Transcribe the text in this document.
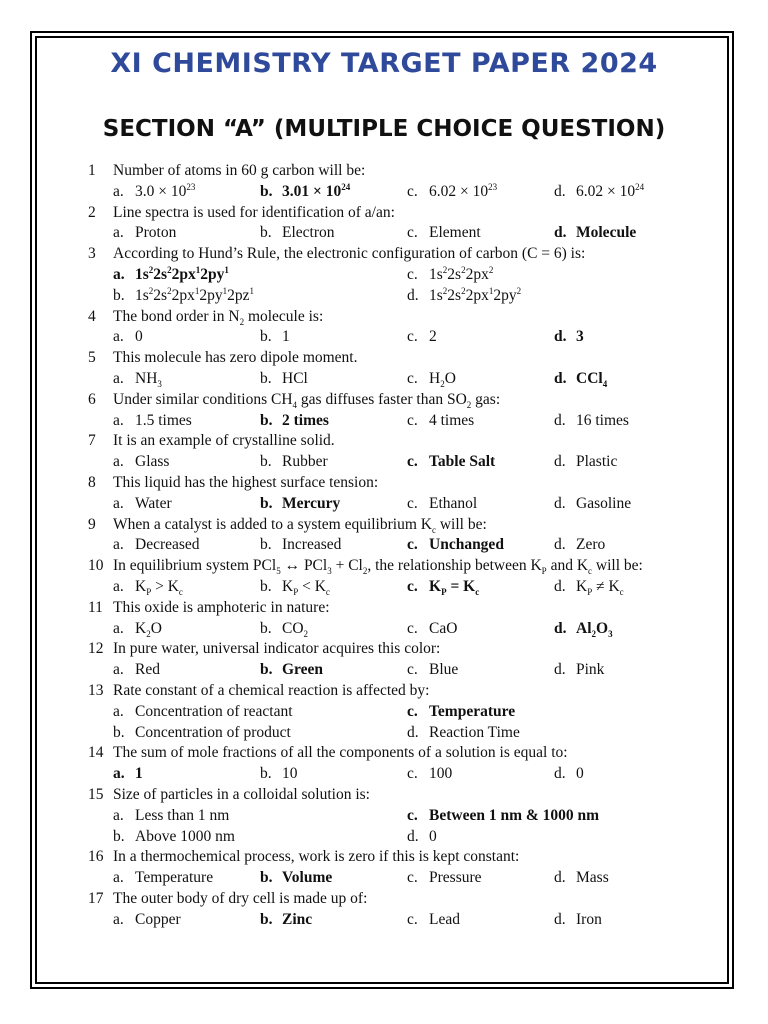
XI CHEMISTRY TARGET PAPER 2024
SECTION “A” (MULTIPLE CHOICE QUESTION)
1 Number of atoms in 60 g carbon will be:
a. $3.0 \times 10^{23}$	b. $3.01 \times 10^{24}$	c. $6.02 \times 10^{23}$	d. $6.02 \times 10^{24}$
2 Line spectra is used for identification of a/an:
a. Proton	b. Electron	c. Element	d. Molecule
3 According to Hund’s Rule, the electronic configuration of carbon (C = 6) is:
a. $1s^22s^22px^12py^1$	c. $1s^22s^22px^2$
b. $1s^22s^22px^12py^12pz^1$	d. $1s^22s^22px^12py^2$
4 The bond order in $N_2$ molecule is:
a. 0	b. 1	c. 2	d. 3
5 This molecule has zero dipole moment.
a. $NH_3$	b. HCl	c. $H_2O$	d. CCl$_4$
6 Under similar conditions $CH_4$ gas diffuses faster than $SO_2$ gas:
a. 1.5 times	b. 2 times	c. 4 times	d. 16 times
7 It is an example of crystalline solid.
a. Glass	b. Rubber	c. Table Salt	d. Plastic
8 This liquid has the highest surface tension:
a. Water	b. Mercury	c. Ethanol	d. Gasoline
9 When a catalyst is added to a system equilibrium $K_c$ will be:
a. Decreased	b. Increased	c. Unchanged	d. Zero
10 In equilibrium system PCl$_5$ ↔ $PCl_3 + Cl_2$, the relationship between $K_P$ and $K_c$ will be:
a. $K_P > K_c$	b. $K_P < K_c$	c. $K_P = K_c$	d. $K_P \ne K_c$
11 This oxide is amphoteric in nature:
a. $K_2O$	b. $CO_2$	c. CaO	d. $Al_2O_3$
12 In pure water, universal indicator acquires this color:
a. Red	b. Green	c. Blue	d. Pink
13 Rate constant of a chemical reaction is affected by:
a. Concentration of reactant	c. Temperature
b. Concentration of product	d. Reaction Time
14 The sum of mole fractions of all the components of a solution is equal to:
a. 1	b. 10	c. 100	d. 0
15 Size of particles in a colloidal solution is:
a. Less than 1 nm	c. Between 1 nm & 1000 nm
b. Above 1000 nm	d. 0
16 In a thermochemical process, work is zero if this is kept constant:
a. Temperature	b. Volume	c. Pressure	d. Mass
17 The outer body of dry cell is made up of:
a. Copper	b. Zinc	c. Lead	d. Iron
